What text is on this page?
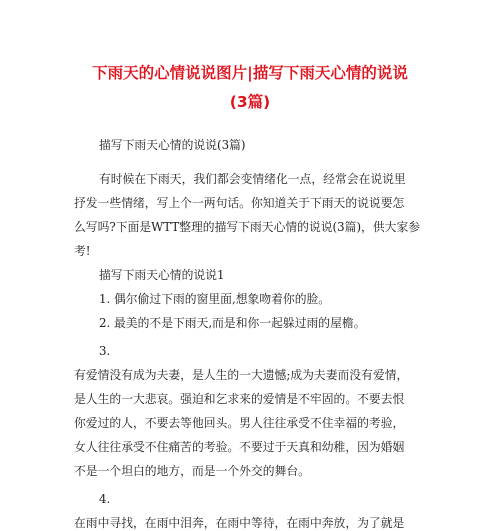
下雨天的心情说说图片|描写下雨天心情的说说
(3篇)
描写下雨天心情的说说(3篇)
有时候在下雨天，我们都会变情绪化一点，经常会在说说里
抒发一些情绪，写上个一两句话。你知道关于下雨天的说说要怎
么写吗?下面是WTT整理的描写下雨天心情的说说(3篇)，供大家参
考!
描写下雨天心情的说说1
1. 偶尔偷过下雨的窗里面,想象吻着你的脸。
2. 最美的不是下雨天,而是和你一起躲过雨的屋檐。
3.
有爱情没有成为夫妻，是人生的一大遗憾;成为夫妻而没有爱情，
是人生的一大悲哀。强迫和乞求来的爱情是不牢固的。不要去恨
你爱过的人，不要去等他回头。男人往往承受不住幸福的考验，
女人往往承受不住痛苦的考验。不要过于天真和幼稚，因为婚姻
不是一个坦白的地方，而是一个外交的舞台。
4.
在雨中寻找，在雨中泪奔，在雨中等待，在雨中奔放，为了就是
